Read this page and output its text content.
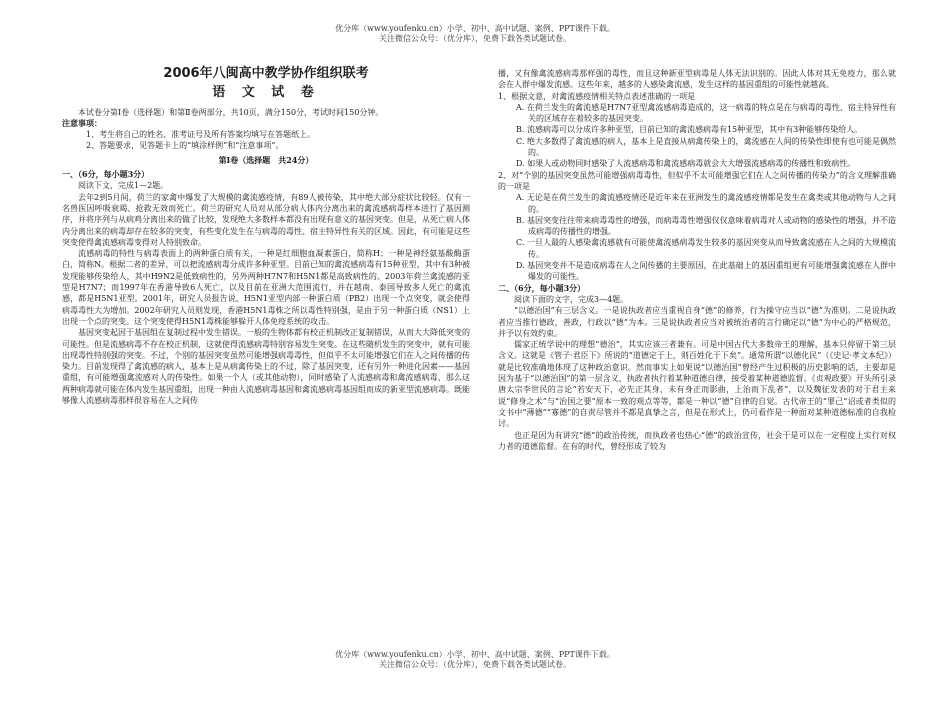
优分库（www.youfenku.cn）小学、初中、高中试题、案例、PPT课件下载。
关注微信公众号：（优分库），免费下载各类试题试卷。
2006年八闽高中教学协作组织联考
语 文 试 卷

本试卷分第Ⅰ卷（选择题）和第Ⅱ卷两部分，共10页，满分150分，考试时间150分钟。

注意事项：

1、考生将自己的姓名、准考证号及所有答案均填写在答题纸上。

2、答题要求，见答题卡上的“填涂样例”和“注意事项”。

第Ⅰ卷（选择题　共24分）

一、（6分，每小题3分）

阅读下文，完成1—2题。

去年2到5月间，荷兰的家禽中爆发了大规模的禽流感疫情，有89人被传染，其中绝大部分症状比较轻。仅有一名兽医因呼吸衰竭、抢救无效而死亡。荷兰的研究人员对从部分病人体内分离出来的禽流感病毒样本进行了基因测序，并将序列与从病鸡分离出来的做了比较，发现绝大多数样本都没有出现有意义的基因突变。但是，从死亡病人体内分离出来的病毒却存在较多的突变，有些变化发生在与病毒的毒性、宿主特异性有关的区域。因此，有可能是这些突变使得禽流感病毒变得对人特别致命。

流感病毒的特性与病毒表面上的两种蛋白质有关，一种是红细胞血凝素蛋白，简称H；一种是神经氨基酸酶蛋白，简称N。根据二者的差异，可以把流感病毒分成许多种亚型。目前已知的禽流感病毒有15种亚型，其中有3种被发现能够传染给人，其中H9N2是低致病性的，另外两种H7N7和H5N1都是高致病性的。2003年荷兰禽流感的亚型是H7N7；而1997年在香港导致6人死亡，以及目前在亚洲大范围流行，并在越南、泰国导致多人死亡的禽流感，都是H5N1亚型。2001年，研究人员报告说，H5N1亚型内部一种蛋白质（PB2）出现一个点突变，就会使得病毒毒性大为增加。2002年研究人员则发现，香港H5N1毒株之所以毒性特别强，是由于另一种蛋白质（NS1）上出现一个点的突变。这个突变使得H5N1毒株能够躲开人体免疫系统的攻击。

基因突变起因于基因组在复制过程中发生错误。一般的生物体都有校正机制改正复制错误，从而大大降低突变的可能性。但是流感病毒不存在校正机制，这就使得流感病毒特别容易发生突变。在这些随机发生的突变中，就有可能出现毒性特别强的突变。不过，个别的基因突变虽然可能增强病毒毒性，但似乎不太可能增强它们在人之间传播的传染力。目前发现得了禽流感的病人，基本上是从病禽传染上的不过，除了基因突变，还有另外一种进化因素——基因重组，有可能增强禽流感对人的传染性。如果一个人（或其他动物），同时感染了人流感病毒和禽流感病毒，那么这两种病毒就可能在体内发生基因重组，出现一种由人流感病毒基因和禽流感病毒基因组而成的新亚型流感病毒。既能够像人流感病毒那样很容易在人之间传

播，又有像禽流感病毒那样强的毒性，而且这种新亚型病毒是人体无法识别的。因此人体对其无免疫力，那么就会在人群中爆发流感。这些年来，越多的人感染禽流感，发生这样的基因重组的可能性就越高。

1、根据文意，对禽流感疫情相关特点表述准确的一项是

A. 在荷兰发生的禽流感是H7N7亚型禽流感病毒造成的，这一病毒的特点是在与病毒的毒性、宿主特异性有关的区域存在着较多的基因突变。

B. 流感病毒可以分成许多种亚型，目前已知的禽流感病毒有15种亚型，其中有3种能够传染给人。

C. 绝大多数得了禽流感的病人，基本上是直接从病禽传染上的，禽流感在人间的传染性即使有也可能是偶然的。

D. 如果人或动物同时感染了人流感病毒和禽流感病毒就会大大增强流感病毒的传播性和致病性。

2、对“个别的基因突变虽然可能增强病毒毒性，但似乎不太可能增强它们在人之间传播的传染力”的含义理解准确的一项是

A. 无论是在荷兰发生的禽流感疫情还是近年来在亚洲发生的禽流感疫情都是发生在禽类或其他动物与人之间的。

B. 基因突变往往带来病毒毒性的增强，而病毒毒性增强仅仅意味着病毒对人或动物的感染性的增强，并不造成病毒的传播性的增强。

C. 一旦人最的人感染禽流感就有可能使禽流感病毒发生较多的基因突变从而导致禽流感在人之间的大规模流传。

D. 基因突变并不是造成病毒在人之间传播的主要原因，在此基础上的基因重组更有可能增强禽流感在人群中爆发的可能性。

二、（6分，每小题3分）

阅读下面的文字，完成3—4题。

“以德治国”有三层含义。一是说执政者应当重视自身“德”的修养，行为操守应当以“德”为准则。二是说执政者应当推行德政，善政，行政以“德”为本。三是说执政者应当对被统治者的言行确定以“德”为中心的严格规范，并予以有效约束。

儒家正统学说中的理想“德治”，其实应该三者兼有。可是中国古代大多数帝王的理解，基本只停留于第三层含义。这就是《管子·君臣下》所说的“道德定于上，则百姓化于下矣”。通常所谓“以德化民”（《史记·孝文本纪》）就是比较准确地体现了这种政治意识。然而事实上如果说“以德治国”曾经产生过积极的历史影响的话，主要却是因为基于“以德治国”的第一层含义，执政者执行着某种道德自律，接受着某种道德监督。《贞观政要》开头所引录唐太宗李世民的言论“若安天下，必先正其身，未有身正而影曲，上治而下乱者”，以及魏征发表的对于君主来说“修身之术”与“治国之要”原本一致的观点等等，都是一种以“德”自律的自觉。古代帝王的“罪己”诏或者类似的文书中“薄德”“寡德”的自责尽管并不都是真挚之言，但是在形式上，仍可看作是一种面对某种道德标准的自我检讨。

也正是因为有讲究“德”的政治传统，而执政者也热心“德”的政治宣传，社会于是可以在一定程度上实行对权力者的道德监督。在有的时代，曾经形成了较为

优分库（www.youfenku.cn）小学、初中、高中试题、案例、PPT课件下载。
关注微信公众号：（优分库），免费下载各类试题试卷。
